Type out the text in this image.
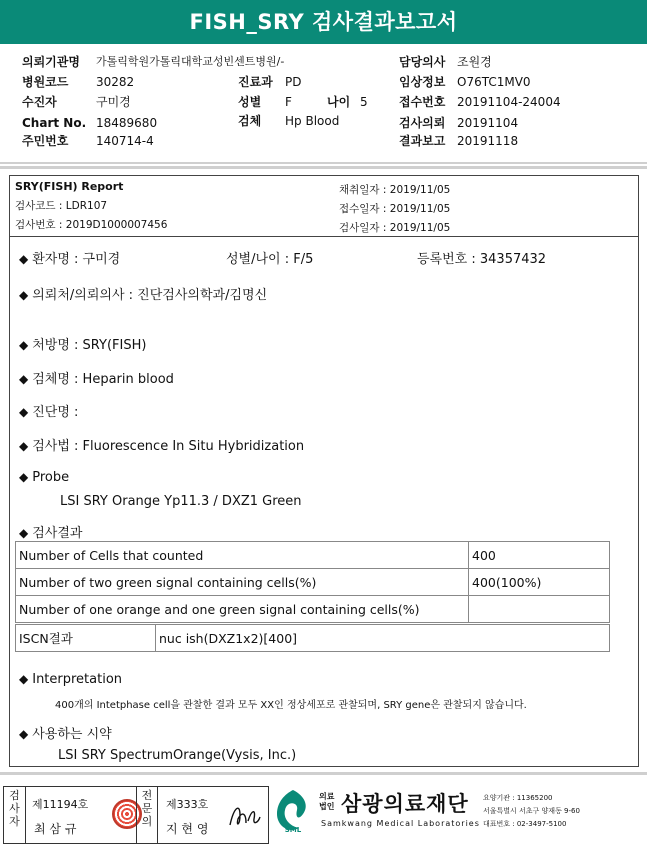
FISH_SRY 검사결과보고서
의뢰기관명 가톨릭학원가톨릭대학교성빈센트병원/-	담당의사 조원경
병원코드 30282	진료과 PD	임상정보 O76TC1MV0
수진자	구미경	성별 F	나이 5	접수번호 20191104-24004
Chart No. 18489680	검체 Hp Blood	검사의뢰 20191104
주민번호 140714-4	결과보고 20191118
SRY(FISH) Report
검사코드 : LDR107
검사번호 : 2019D1000007456
채취일자 : 2019/11/05
접수일자 : 2019/11/05
검사일자 : 2019/11/05
◆ 환자명 : 구미경	성별/나이 : F/5	등록번호 : 34357432
◆ 의뢰처/의뢰의사 : 진단검사의학과/김명신
◆ 처방명 : SRY(FISH)
◆ 검체명 : Heparin blood
◆ 진단명 :
◆ 검사법 : Fluorescence In Situ Hybridization
◆ Probe
LSI SRY Orange Yp11.3 / DXZ1 Green
◆ 검사결과
Number of Cells that counted	400
Number of two green signal containing cells(%)	400(100%)
Number of one orange and one green signal containing cells(%)	
ISCN결과	nuc ish(DXZ1x2)[400]
◆ Interpretation
400개의 Intetphase cell을 관찰한 결과 모두 XX인 정상세포로 관찰되며, SRY gene은 관찰되지 않습니다.
◆ 사용하는 시약
LSI SRY SpectrumOrange(Vysis, Inc.)
검사자
제11194호
최 삼 규
전문의
제333호
지 현 영	SML
의료
법인 삼광의료재단
Samkwang Medical Laboratories
요양기관 : 11365200
서울특별시 서초구 양재동 9-60
대표번호 : 02-3497-5100
